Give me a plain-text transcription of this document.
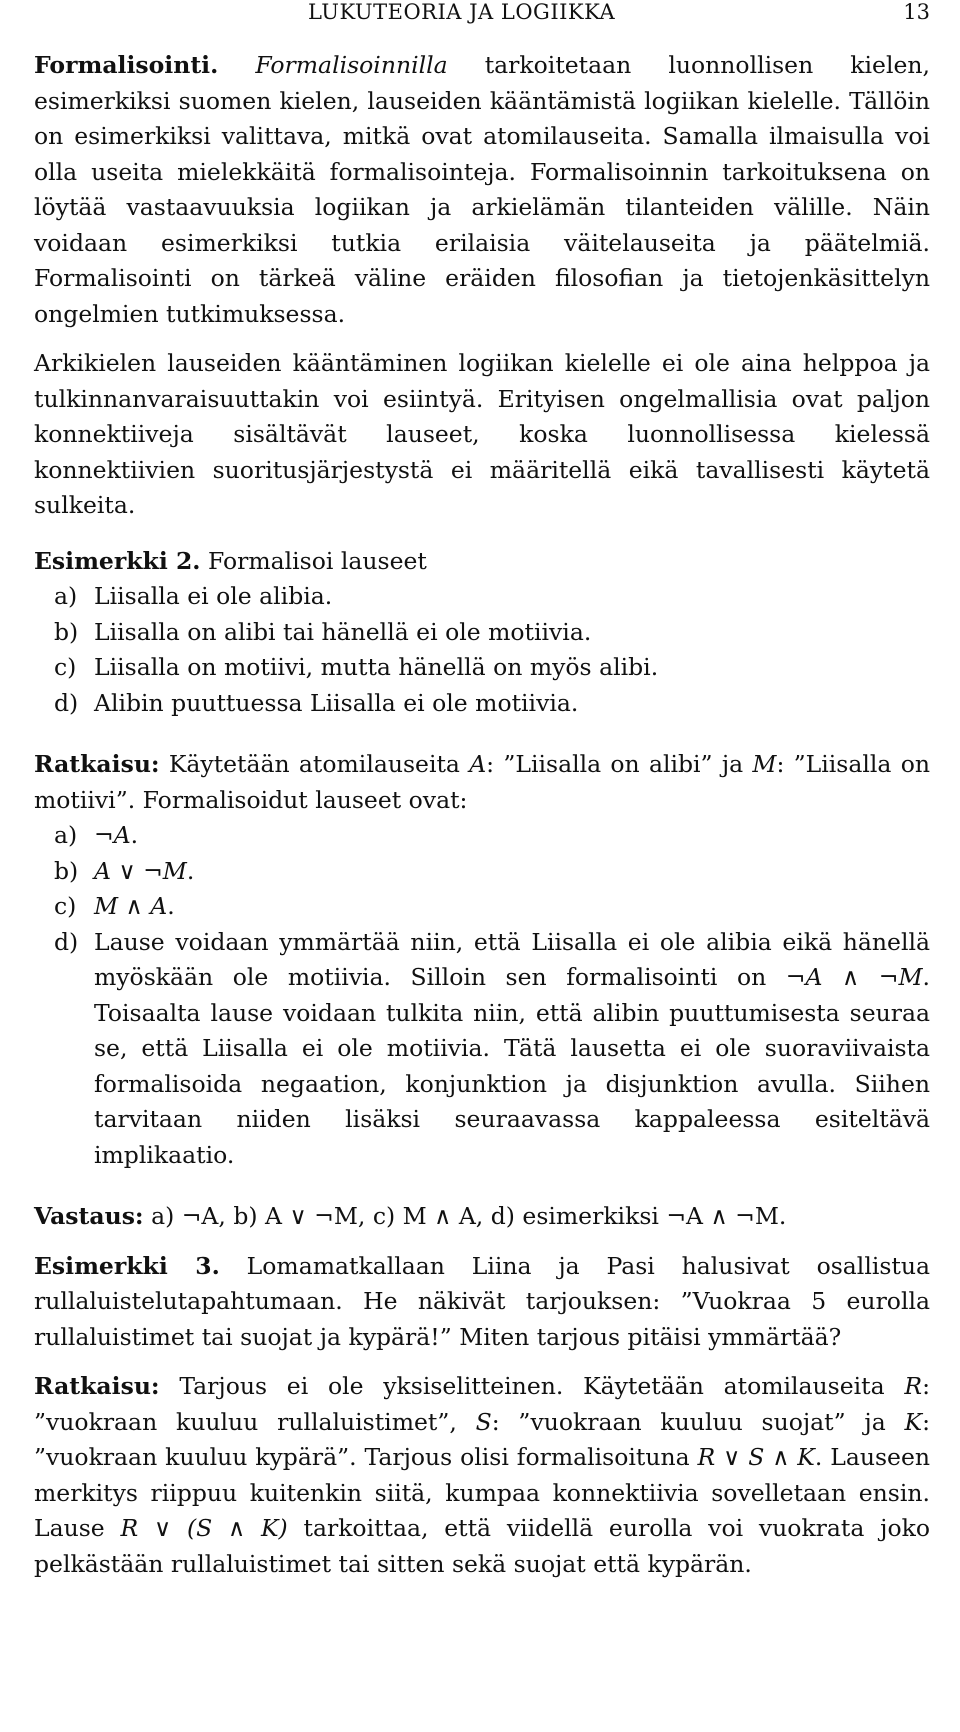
LUKUTEORIA JA LOGIIKKA	13

Formalisointi. Formalisoinnilla tarkoitetaan luonnollisen kielen, esimerkiksi suomen kielen, lauseiden kääntämistä logiikan kielelle. Tällöin on esimerkiksi valittava, mitkä ovat atomilauseita. Samalla ilmaisulla voi olla useita mielekkäitä formalisointeja. Formalisoinnin tarkoituksena on löytää vastaavuuksia logiikan ja arkielämän tilanteiden välille. Näin voidaan esimerkiksi tutkia erilaisia väitelauseita ja päätelmiä. Formalisointi on tärkeä väline eräiden filosofian ja tietojenkäsittelyn ongelmien tutkimuksessa.

Arkikielen lauseiden kääntäminen logiikan kielelle ei ole aina helppoa ja tulkinnanvaraisuuttakin voi esiintyä. Erityisen ongelmallisia ovat paljon konnektiiveja sisältävät lauseet, koska luonnollisessa kielessä konnektiivien suoritusjärjestystä ei määritellä eikä tavallisesti käytetä sulkeita.

Esimerkki 2. Formalisoi lauseet

a) Liisalla ei ole alibia.
b) Liisalla on alibi tai hänellä ei ole motiivia.
c) Liisalla on motiivi, mutta hänellä on myös alibi.
d) Alibin puuttuessa Liisalla ei ole motiivia.

Ratkaisu: Käytetään atomilauseita A: ”Liisalla on alibi” ja M: ”Liisalla on motiivi”. Formalisoidut lauseet ovat:

a) ¬A.
b) A ∨ ¬M.
c) M ∧ A.
d) Lause voidaan ymmärtää niin, että Liisalla ei ole alibia eikä hänellä myöskään ole motiivia. Silloin sen formalisointi on ¬A ∧ ¬M. Toisaalta lause voidaan tulkita niin, että alibin puuttumisesta seuraa se, että Liisalla ei ole motiivia. Tätä lausetta ei ole suoraviivaista formalisoida negaation, konjunktion ja disjunktion avulla. Siihen tarvitaan niiden lisäksi seuraavassa kappaleessa esiteltävä implikaatio.

Vastaus: a) ¬A, b) A ∨ ¬M, c) M ∧ A, d) esimerkiksi ¬A ∧ ¬M.

Esimerkki 3. Lomamatkallaan Liina ja Pasi halusivat osallistua rullaluistelutapahtumaan. He näkivät tarjouksen: ”Vuokraa 5 eurolla rullaluistimet tai suojat ja kypärä!” Miten tarjous pitäisi ymmärtää?

Ratkaisu: Tarjous ei ole yksiselitteinen. Käytetään atomilauseita R: ”vuokraan kuuluu rullaluistimet”, S: ”vuokraan kuuluu suojat” ja K: ”vuokraan kuuluu kypärä”. Tarjous olisi formalisoituna R ∨ S ∧ K. Lauseen merkitys riippuu kuitenkin siitä, kumpaa konnektiivia sovelletaan ensin. Lause R ∨ (S ∧ K) tarkoittaa, että viidellä eurolla voi vuokrata joko pelkästään rullaluistimet tai sitten sekä suojat että kypärän.
